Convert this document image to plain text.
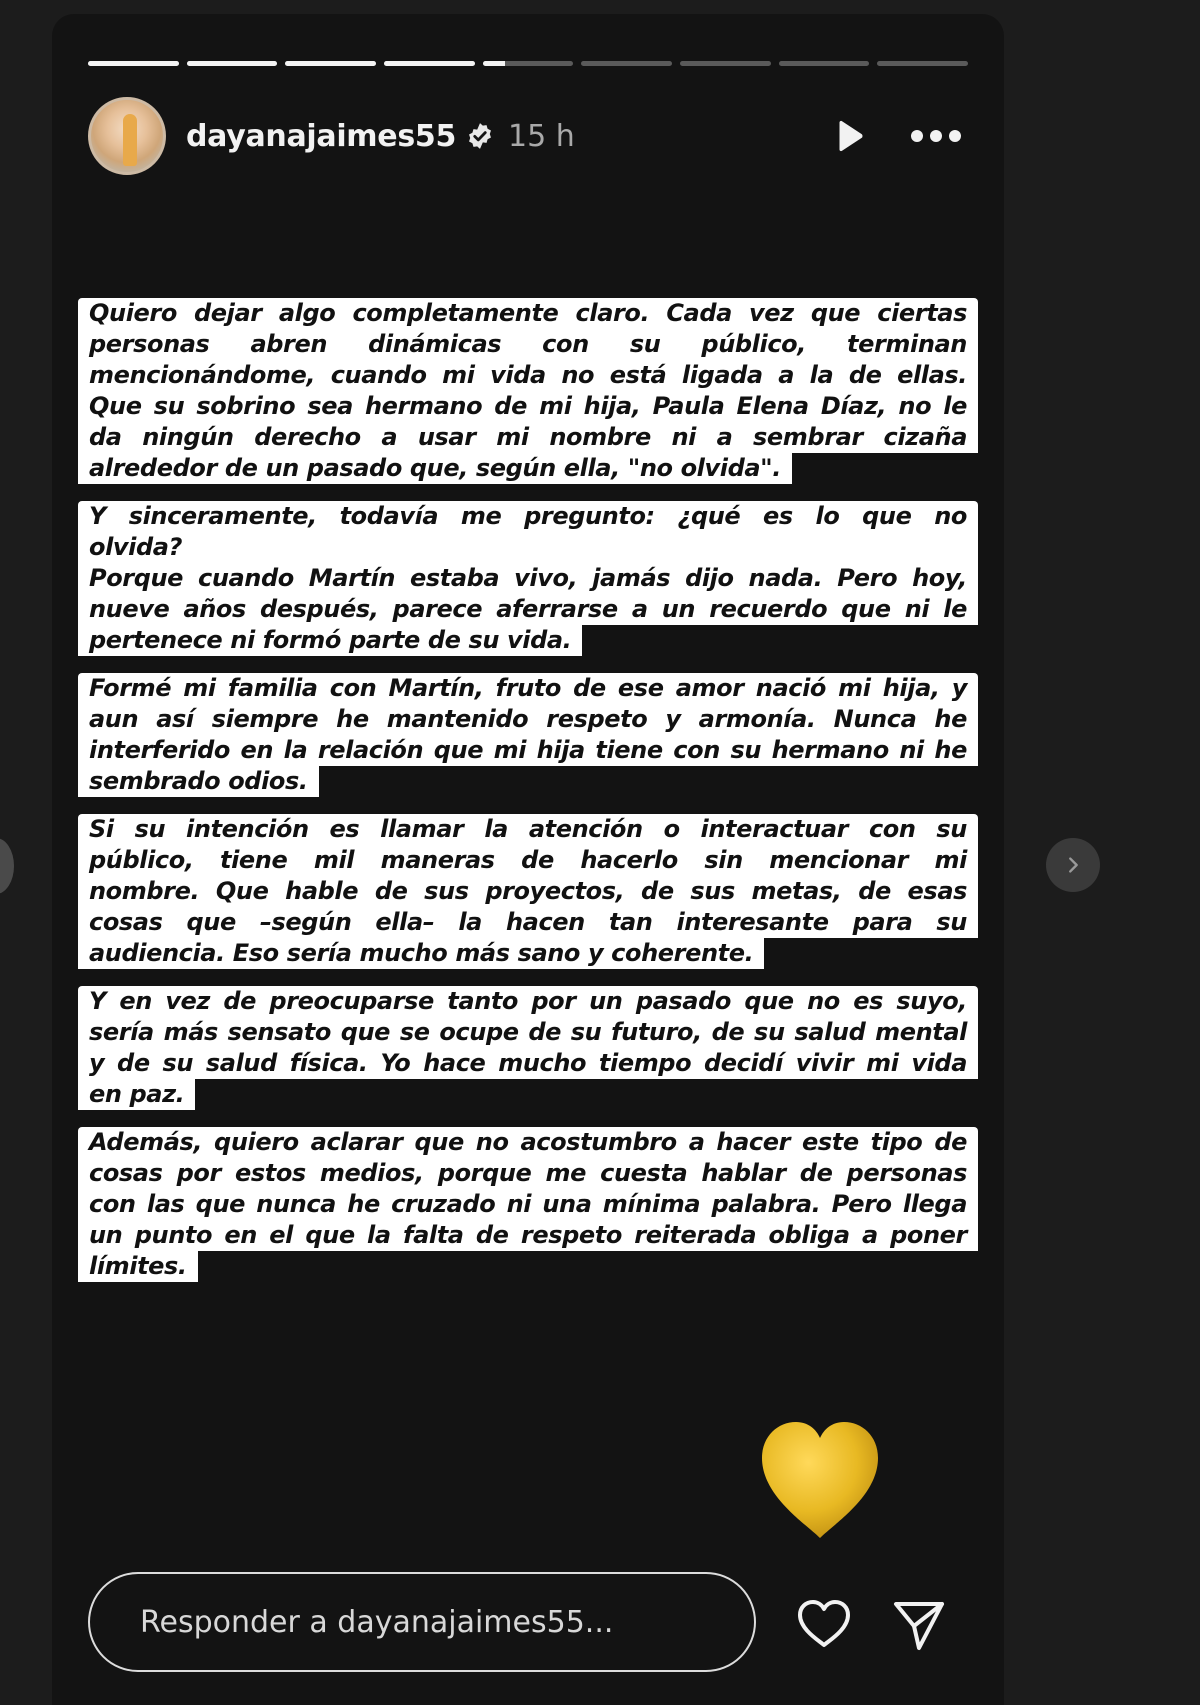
dayanajaimes55 15 h
Quiero dejar algo completamente claro. Cada vez que ciertas
personas abren dinámicas con su público, terminan
mencionándome, cuando mi vida no está ligada a la de ellas.
Que su sobrino sea hermano de mi hija, Paula Elena Díaz, no le
da ningún derecho a usar mi nombre ni a sembrar cizaña
alrededor de un pasado que, según ella, "no olvida".

Y sinceramente, todavía me pregunto: ¿qué es lo que no
olvida?
Porque cuando Martín estaba vivo, jamás dijo nada. Pero hoy,
nueve años después, parece aferrarse a un recuerdo que ni le
pertenece ni formó parte de su vida.

Formé mi familia con Martín, fruto de ese amor nació mi hija, y
aun así siempre he mantenido respeto y armonía. Nunca he
interferido en la relación que mi hija tiene con su hermano ni he
sembrado odios.

Si su intención es llamar la atención o interactuar con su
público, tiene mil maneras de hacerlo sin mencionar mi
nombre. Que hable de sus proyectos, de sus metas, de esas
cosas que –según ella– la hacen tan interesante para su
audiencia. Eso sería mucho más sano y coherente.

Y en vez de preocuparse tanto por un pasado que no es suyo,
sería más sensato que se ocupe de su futuro, de su salud mental
y de su salud física. Yo hace mucho tiempo decidí vivir mi vida
en paz.

Además, quiero aclarar que no acostumbro a hacer este tipo de
cosas por estos medios, porque me cuesta hablar de personas
con las que nunca he cruzado ni una mínima palabra. Pero llega
un punto en el que la falta de respeto reiterada obliga a poner
límites.

Responder a dayanajaimes55...
